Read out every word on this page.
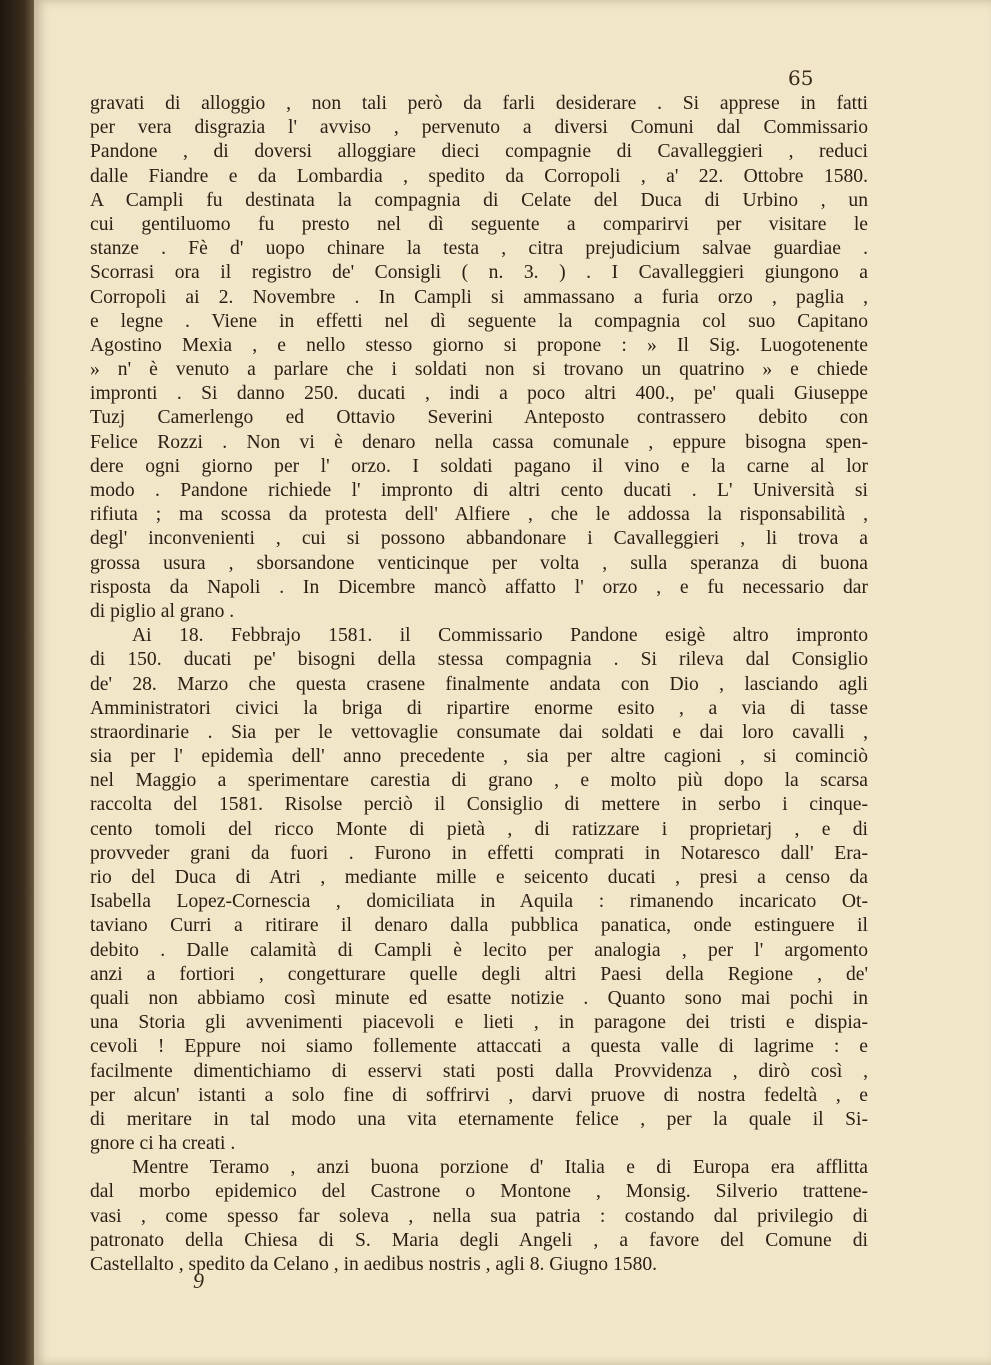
65
gravati di alloggio , non tali però da farli desiderare . Si apprese in fatti
per vera disgrazia l' avviso , pervenuto a diversi Comuni dal Commissario
Pandone , di doversi alloggiare dieci compagnie di Cavalleggieri , reduci
dalle Fiandre e da Lombardia , spedito da Corropoli , a' 22. Ottobre 1580.
A Campli fu destinata la compagnia di Celate del Duca di Urbino , un
cui gentiluomo fu presto nel dì seguente a comparirvi per visitare le
stanze . Fè d' uopo chinare la testa , citra prejudicium salvae guardiae .
Scorrasi ora il registro de' Consigli ( n. 3. ) . I Cavalleggieri giungono a
Corropoli ai 2. Novembre . In Campli si ammassano a furia orzo , paglia ,
e legne . Viene in effetti nel dì seguente la compagnia col suo Capitano
Agostino Mexia , e nello stesso giorno si propone : » Il Sig. Luogotenente
» n' è venuto a parlare che i soldati non si trovano un quatrino » e chiede
impronti . Si danno 250. ducati , indi a poco altri 400., pe' quali Giuseppe
Tuzj Camerlengo ed Ottavio Severini Anteposto contrassero debito con
Felice Rozzi . Non vi è denaro nella cassa comunale , eppure bisogna spen-
dere ogni giorno per l' orzo. I soldati pagano il vino e la carne al lor
modo . Pandone richiede l' impronto di altri cento ducati . L' Università si
rifiuta ; ma scossa da protesta dell' Alfiere , che le addossa la risponsabilità ,
degl' inconvenienti , cui si possono abbandonare i Cavalleggieri , li trova a
grossa usura , sborsandone venticinque per volta , sulla speranza di buona
risposta da Napoli . In Dicembre mancò affatto l' orzo , e fu necessario dar
di piglio al grano .
Ai 18. Febbrajo 1581. il Commissario Pandone esigè altro impronto
di 150. ducati pe' bisogni della stessa compagnia . Si rileva dal Consiglio
de' 28. Marzo che questa crasene finalmente andata con Dio , lasciando agli
Amministratori civici la briga di ripartire enorme esito , a via di tasse
straordinarie . Sia per le vettovaglie consumate dai soldati e dai loro cavalli ,
sia per l' epidemìa dell' anno precedente , sia per altre cagioni , si cominciò
nel Maggio a sperimentare carestia di grano , e molto più dopo la scarsa
raccolta del 1581. Risolse perciò il Consiglio di mettere in serbo i cinque-
cento tomoli del ricco Monte di pietà , di ratizzare i proprietarj , e di
provveder grani da fuori . Furono in effetti comprati in Notaresco dall' Era-
rio del Duca di Atri , mediante mille e seicento ducati , presi a censo da
Isabella Lopez-Cornescia , domiciliata in Aquila : rimanendo incaricato Ot-
taviano Curri a ritirare il denaro dalla pubblica panatica, onde estinguere il
debito . Dalle calamità di Campli è lecito per analogia , per l' argomento
anzi a fortiori , congetturare quelle degli altri Paesi della Regione , de'
quali non abbiamo così minute ed esatte notizie . Quanto sono mai pochi in
una Storia gli avvenimenti piacevoli e lieti , in paragone dei tristi e dispia-
cevoli ! Eppure noi siamo follemente attaccati a questa valle di lagrime : e
facilmente dimentichiamo di esservi stati posti dalla Provvidenza , dirò così ,
per alcun' istanti a solo fine di soffrirvi , darvi pruove di nostra fedeltà , e
di meritare in tal modo una vita eternamente felice , per la quale il Si-
gnore ci ha creati .
Mentre Teramo , anzi buona porzione d' Italia e di Europa era afflitta
dal morbo epidemico del Castrone o Montone , Monsig. Silverio trattene-
vasi , come spesso far soleva , nella sua patria : costando dal privilegio di
patronato della Chiesa di S. Maria degli Angeli , a favore del Comune di
Castellalto , spedito da Celano , in aedibus nostris , agli 8. Giugno 1580.
9
